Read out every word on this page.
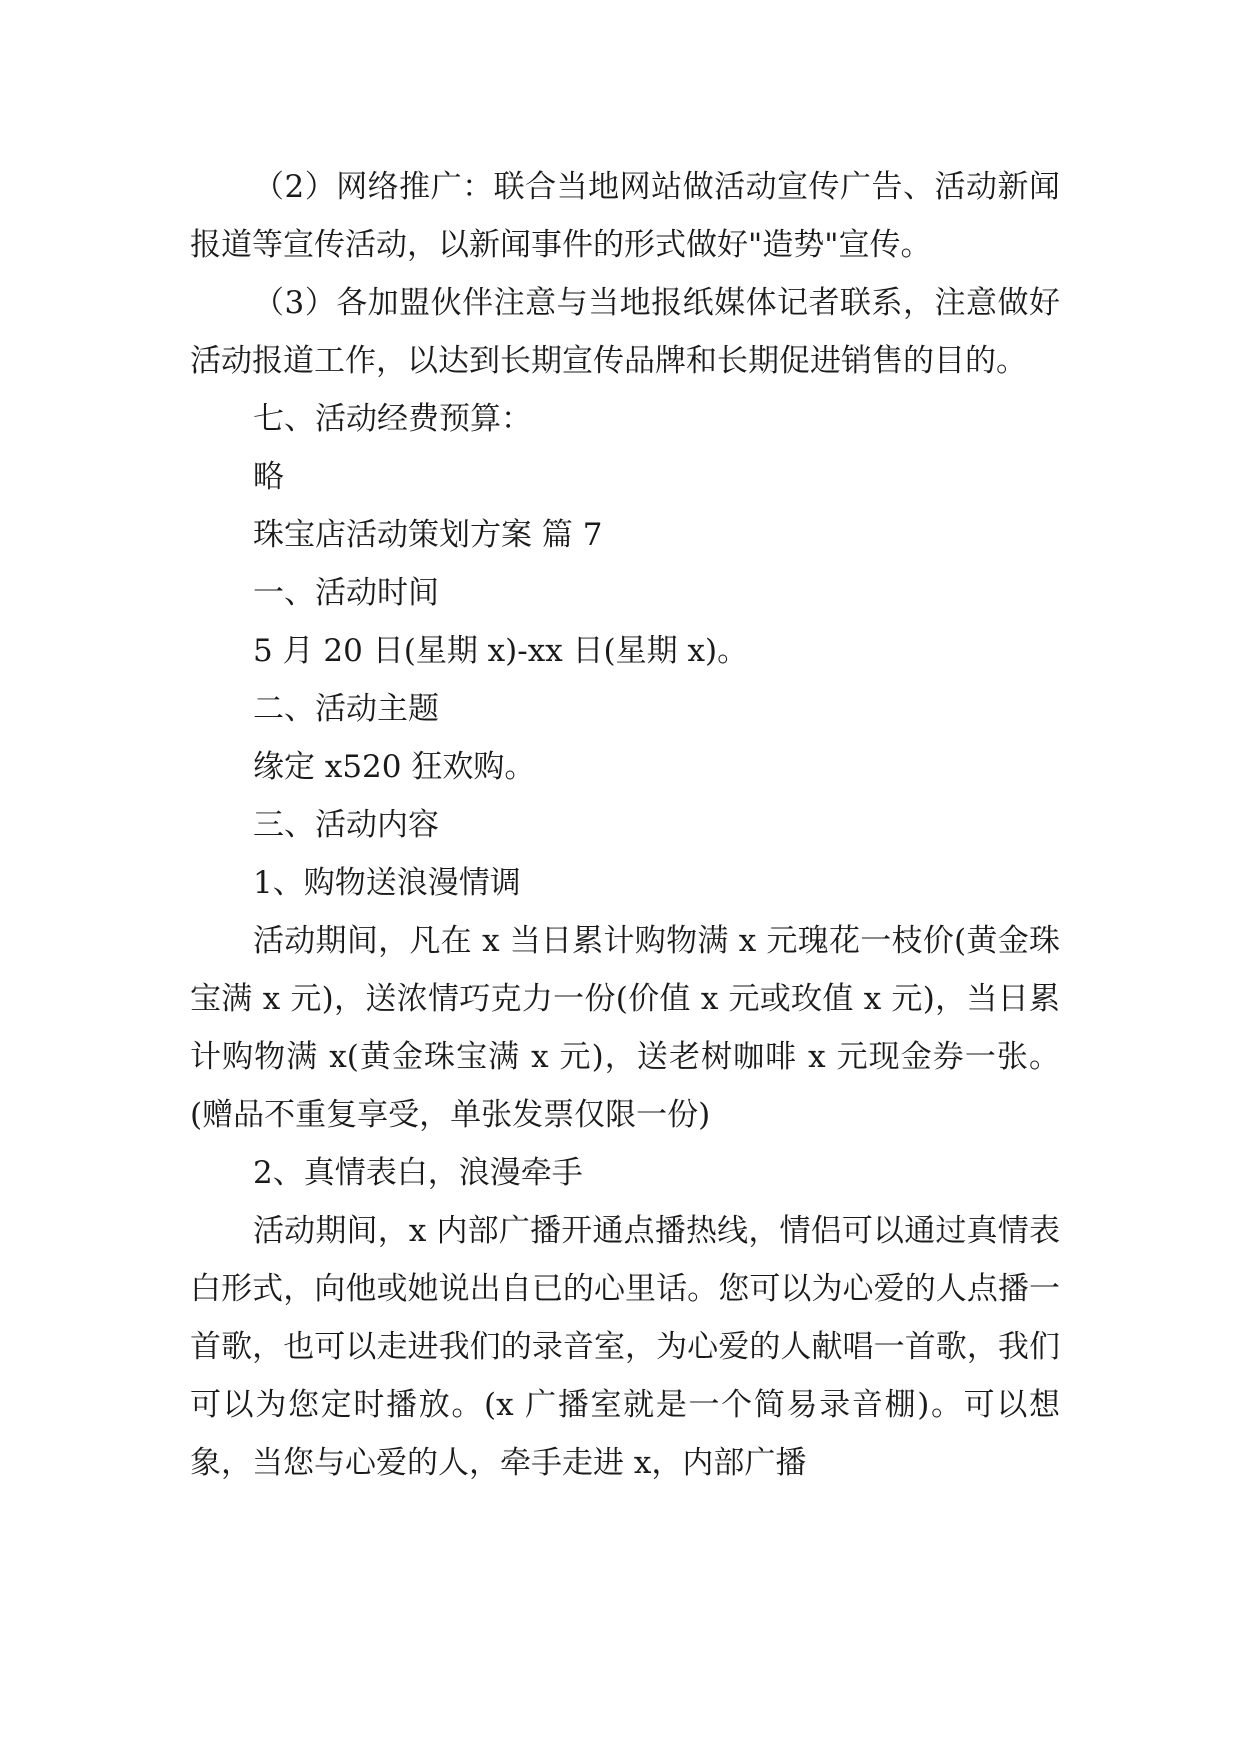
（2）网络推广：联合当地网站做活动宣传广告、活动新闻报道等宣传活动，以新闻事件的形式做好"造势"宣传。

（3）各加盟伙伴注意与当地报纸媒体记者联系，注意做好活动报道工作，以达到长期宣传品牌和长期促进销售的目的。

七、活动经费预算：

略

珠宝店活动策划方案 篇 7

一、活动时间

5 月 20 日(星期 x)-xx 日(星期 x)。

二、活动主题

缘定 x520 狂欢购。

三、活动内容

1、购物送浪漫情调

活动期间，凡在 x 当日累计购物满 x 元瑰花一枝价(黄金珠宝满 x 元)，送浓情巧克力一份(价值 x 元或玫值 x 元)，当日累计购物满 x(黄金珠宝满 x 元)，送老树咖啡 x 元现金券一张。(赠品不重复享受，单张发票仅限一份)

2、真情表白，浪漫牵手

活动期间，x 内部广播开通点播热线，情侣可以通过真情表白形式，向他或她说出自已的心里话。您可以为心爱的人点播一首歌，也可以走进我们的录音室，为心爱的人献唱一首歌，我们可以为您定时播放。(x 广播室就是一个简易录音棚)。可以想象，当您与心爱的人，牵手走进 x，内部广播
